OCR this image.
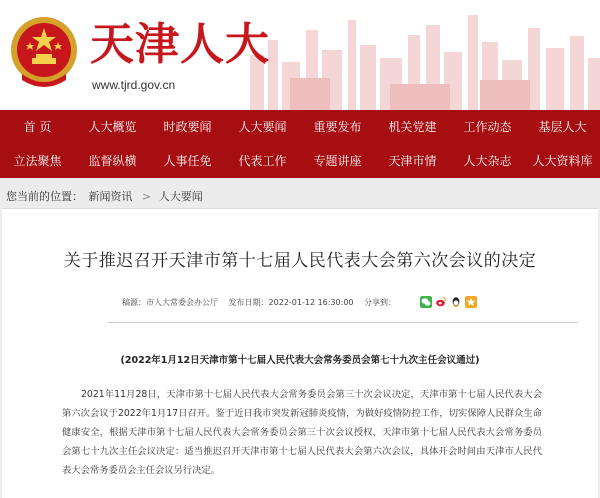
天津人大
www.tjrd.gov.cn
首 页	人大概览	时政要闻	人大要闻	重要发布	机关党建	工作动态	基层人大
立法聚焦	监督纵横	人事任免	代表工作	专题讲座	天津市情	人大杂志	人大资料库
您当前的位置： 新闻资讯 > 人大要闻
关于推迟召开天津市第十七届人民代表大会第六次会议的决定
稿源：市人大常委会办公厅 发布日期：2022-01-12 16:30:00 分享到：
(2022年1月12日天津市第十七届人民代表大会常务委员会第七十九次主任会议通过)

2021年11月28日，天津市第十七届人民代表大会常务委员会第三十次会议决定，天津市第十七届人民代表大会第六次会议于2022年1月17日召开。鉴于近日我市突发新冠肺炎疫情，为做好疫情防控工作，切实保障人民群众生命健康安全，根据天津市第十七届人民代表大会常务委员会第三十次会议授权，天津市第十七届人民代表大会常务委员会第七十九次主任会议决定：适当推迟召开天津市第十七届人民代表大会第六次会议，具体开会时间由天津市人民代表大会常务委员会主任会议另行决定。
